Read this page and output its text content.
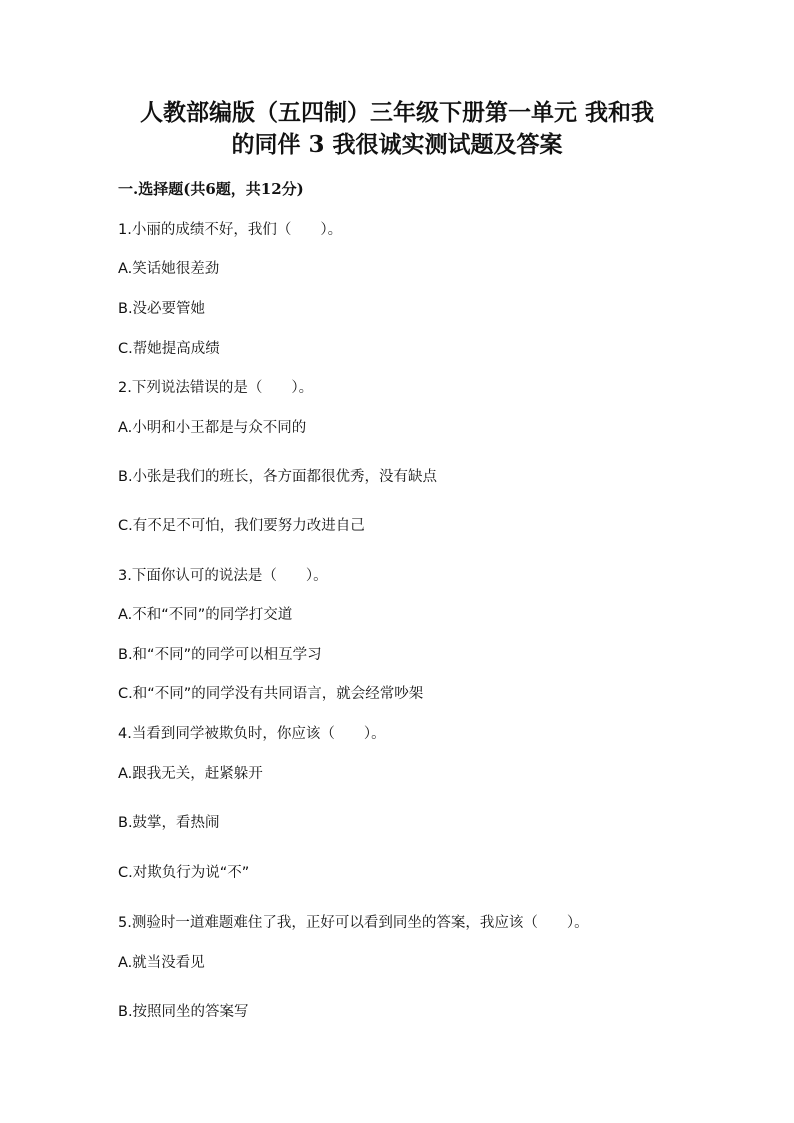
人教部编版（五四制）三年级下册第一单元 我和我
的同伴 3 我很诚实测试题及答案
一.选择题(共6题，共12分)
1.小丽的成绩不好，我们（　　）。
A.笑话她很差劲
B.没必要管她
C.帮她提高成绩
2.下列说法错误的是（　　）。
A.小明和小王都是与众不同的
B.小张是我们的班长，各方面都很优秀，没有缺点
C.有不足不可怕，我们要努力改进自己
3.下面你认可的说法是（　　）。
A.不和“不同”的同学打交道
B.和“不同”的同学可以相互学习
C.和“不同”的同学没有共同语言，就会经常吵架
4.当看到同学被欺负时，你应该（　　）。
A.跟我无关，赶紧躲开
B.鼓掌，看热闹
C.对欺负行为说“不”
5.测验时一道难题难住了我，正好可以看到同坐的答案，我应该（　　）。
A.就当没看见
B.按照同坐的答案写
